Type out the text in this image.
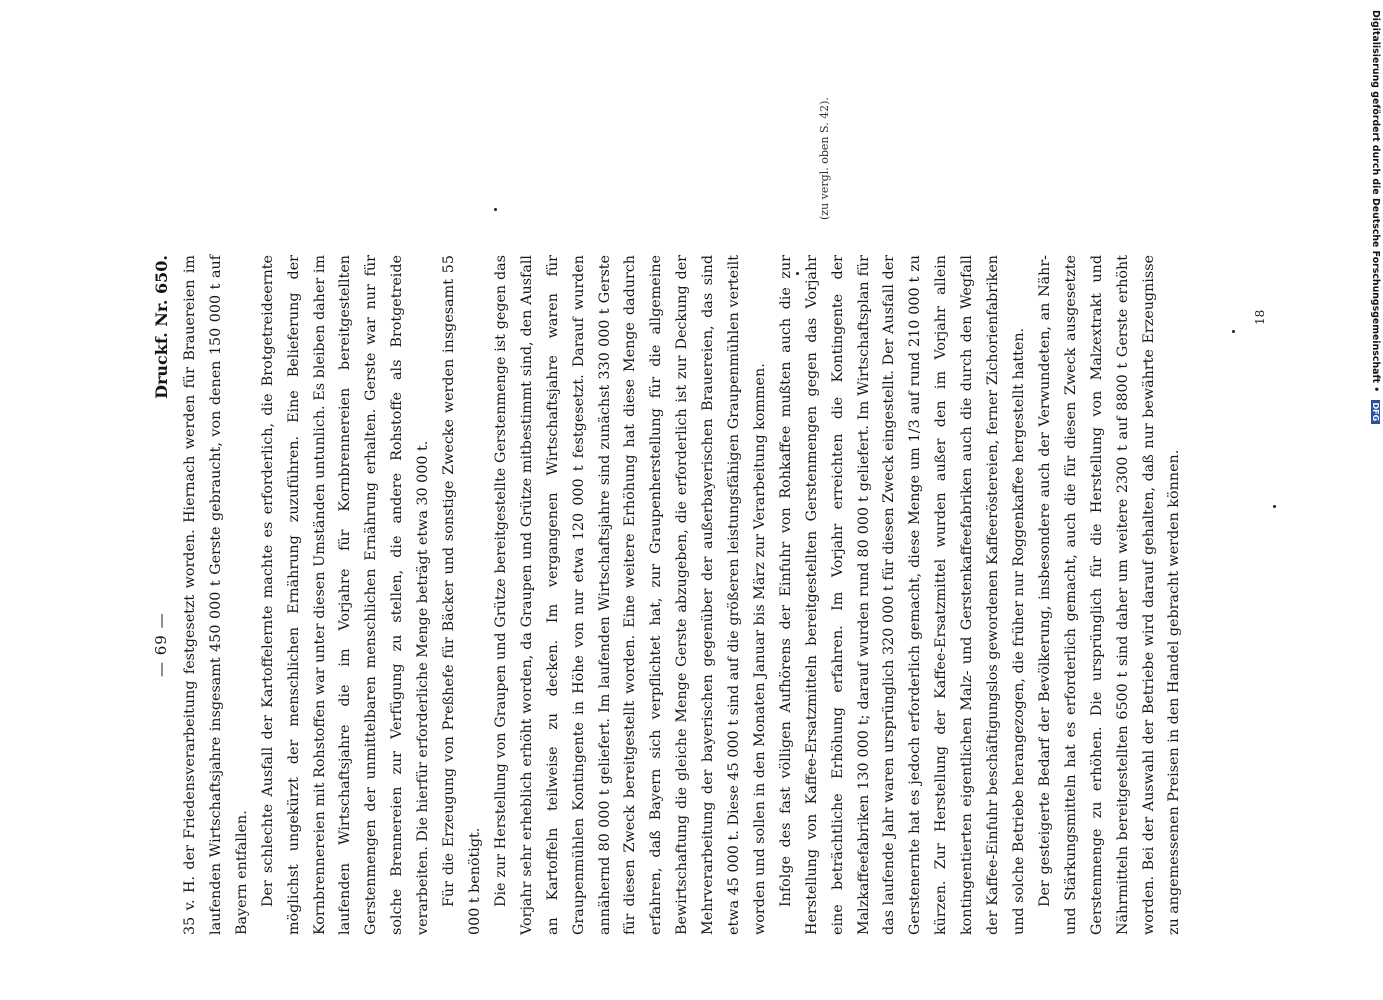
— 69 —
Druckf. Nr. 650. 35 v. H. der Friedensverarbeitung festgesetzt worden. Hiernach werden für Brauereien im laufenden Wirtschaftsjahre insgesamt 450 000 t Gerste gebraucht, von denen 150 000 t auf Bayern entfallen. Der schlechte Ausfall der Kartoffelernte machte es erforderlich, die Brotgetreideernte möglichst ungekürzt der menschlichen Ernährung zuzuführen. Eine Belieferung der Kornbrennereien mit Rohstoffen war unter diesen Umständen untunlich. Es bleiben daher im laufenden Wirtschaftsjahre die im Vorjahre für Kornbrennereien bereitgestellten Gerstenmengen der unmittelbaren menschlichen Ernährung erhalten. Gerste war nur für solche Brennereien zur Verfügung zu stellen, die andere Rohstoffe als Brotgetreide verarbeiten. Die hierfür erforderliche Menge beträgt etwa 30 000 t. Für die Erzeugung von Preßhefe für Bäcker und sonstige Zwecke werden insgesamt 55 000 t benötigt. Die zur Herstellung von Graupen und Grütze bereitgestellte Gerstenmenge ist gegen das Vorjahr sehr erheblich erhöht worden, da Graupen und Grütze mitbestimmt sind, den Ausfall an Kartoffeln teilweise zu decken. Im vergangenen Wirtschaftsjahre waren für Graupenmühlen Kontingente in Höhe von nur etwa 120 000 t festgesetzt. Darauf wurden annähernd 80 000 t geliefert. Im laufenden Wirtschaftsjahre sind zunächst 330 000 t Gerste für diesen Zweck bereitgestellt worden. Eine weitere Erhöhung hat diese Menge dadurch erfahren, daß Bayern sich verpflichtet hat, zur Graupenherstellung für die allgemeine Bewirtschaftung die gleiche Menge Gerste abzugeben, die erforderlich ist zur Deckung der Mehrverarbeitung der bayerischen gegenüber der außerbayerischen Brauereien, das sind etwa 45 000 t. Diese 45 000 t sind auf die größeren leistungsfähigen Graupenmühlen verteilt worden und sollen in den Monaten Januar bis März zur Verarbeitung kommen. Infolge des fast völligen Aufhörens der Einfuhr von Rohkaffee mußten auch die zur Herstellung von Kaffee-Ersatzmitteln bereitgestellten Gerstenmengen gegen das Vorjahr eine beträchtliche Erhöhung erfahren. Im Vorjahr erreichten die Kontingente der Malzkaffeefabriken 130 000 t; darauf wurden rund 80 000 t geliefert. Im Wirtschaftsplan für das laufende Jahr waren ursprünglich 320 000 t für diesen Zweck eingestellt. Der Ausfall der Gerstenernte hat es jedoch erforderlich gemacht, diese Menge um 1/3 auf rund 210 000 t zu kürzen. Zur Herstellung der Kaffee-Ersatzmittel wurden außer den im Vorjahr allein kontingentierten eigentlichen Malz- und Gerstenkaffeefabriken auch die durch den Wegfall der Kaffee-Einfuhr beschäftigungslos gewordenen Kaffeeröstereien, ferner Zichorienfabriken und solche Betriebe herangezogen, die früher nur Roggenkaffee hergestellt hatten. Der gesteigerte Bedarf der Bevölkerung, insbesondere auch der Verwundeten, an Nähr- und Stärkungsmitteln hat es erforderlich gemacht, auch die für diesen Zweck ausgesetzte Gerstenmenge zu erhöhen. Die ursprünglich für die Herstellung von Malzextrakt und Nährmitteln bereitgestellten 6500 t sind daher um weitere 2300 t auf 8800 t Gerste erhöht worden. Bei der Auswahl der Betriebe wird darauf gehalten, daß nur bewährte Erzeugnisse zu angemessenen Preisen in den Handel gebracht werden können.

(zu vergl. oben S. 42).
18	Digitalisierung gefördert durch die Deutsche Forschungsgemeinschaft • DFG
